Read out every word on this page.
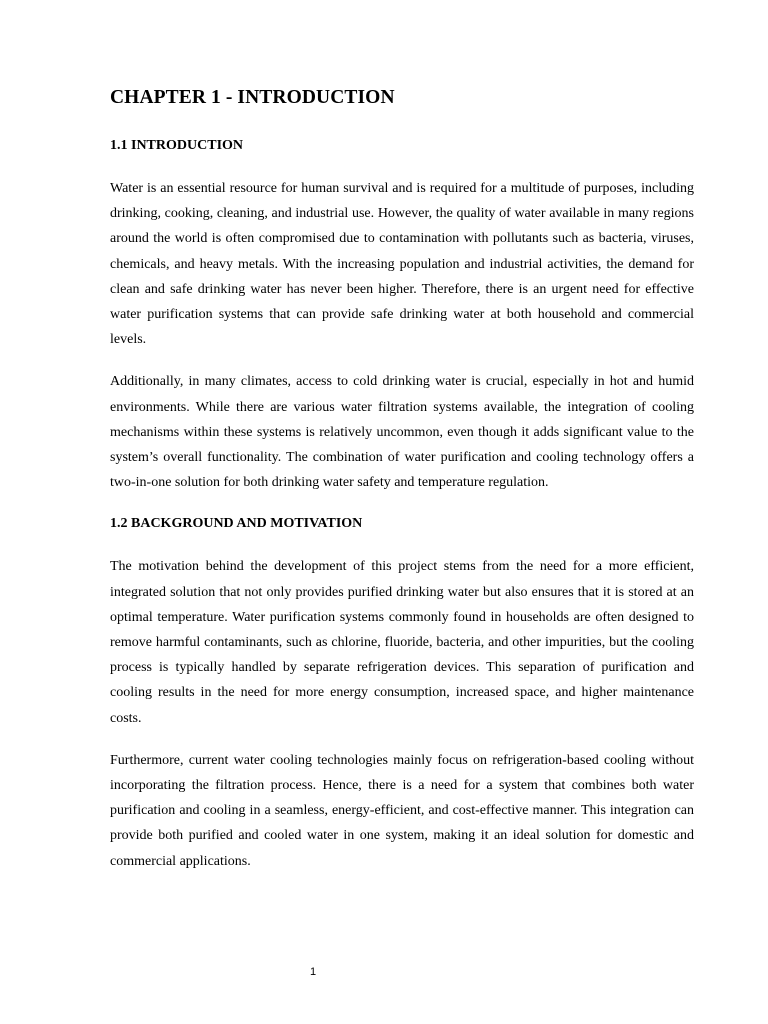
CHAPTER 1 - INTRODUCTION
1.1 INTRODUCTION

Water is an essential resource for human survival and is required for a multitude of purposes, including drinking, cooking, cleaning, and industrial use. However, the quality of water available in many regions around the world is often compromised due to contamination with pollutants such as bacteria, viruses, chemicals, and heavy metals. With the increasing population and industrial activities, the demand for clean and safe drinking water has never been higher. Therefore, there is an urgent need for effective water purification systems that can provide safe drinking water at both household and commercial levels.

Additionally, in many climates, access to cold drinking water is crucial, especially in hot and humid environments. While there are various water filtration systems available, the integration of cooling mechanisms within these systems is relatively uncommon, even though it adds significant value to the system’s overall functionality. The combination of water purification and cooling technology offers a two-in-one solution for both drinking water safety and temperature regulation.

1.2 BACKGROUND AND MOTIVATION

The motivation behind the development of this project stems from the need for a more efficient, integrated solution that not only provides purified drinking water but also ensures that it is stored at an optimal temperature. Water purification systems commonly found in households are often designed to remove harmful contaminants, such as chlorine, fluoride, bacteria, and other impurities, but the cooling process is typically handled by separate refrigeration devices. This separation of purification and cooling results in the need for more energy consumption, increased space, and higher maintenance costs.

Furthermore, current water cooling technologies mainly focus on refrigeration-based cooling without incorporating the filtration process. Hence, there is a need for a system that combines both water purification and cooling in a seamless, energy-efficient, and cost-effective manner. This integration can provide both purified and cooled water in one system, making it an ideal solution for domestic and commercial applications.

1
